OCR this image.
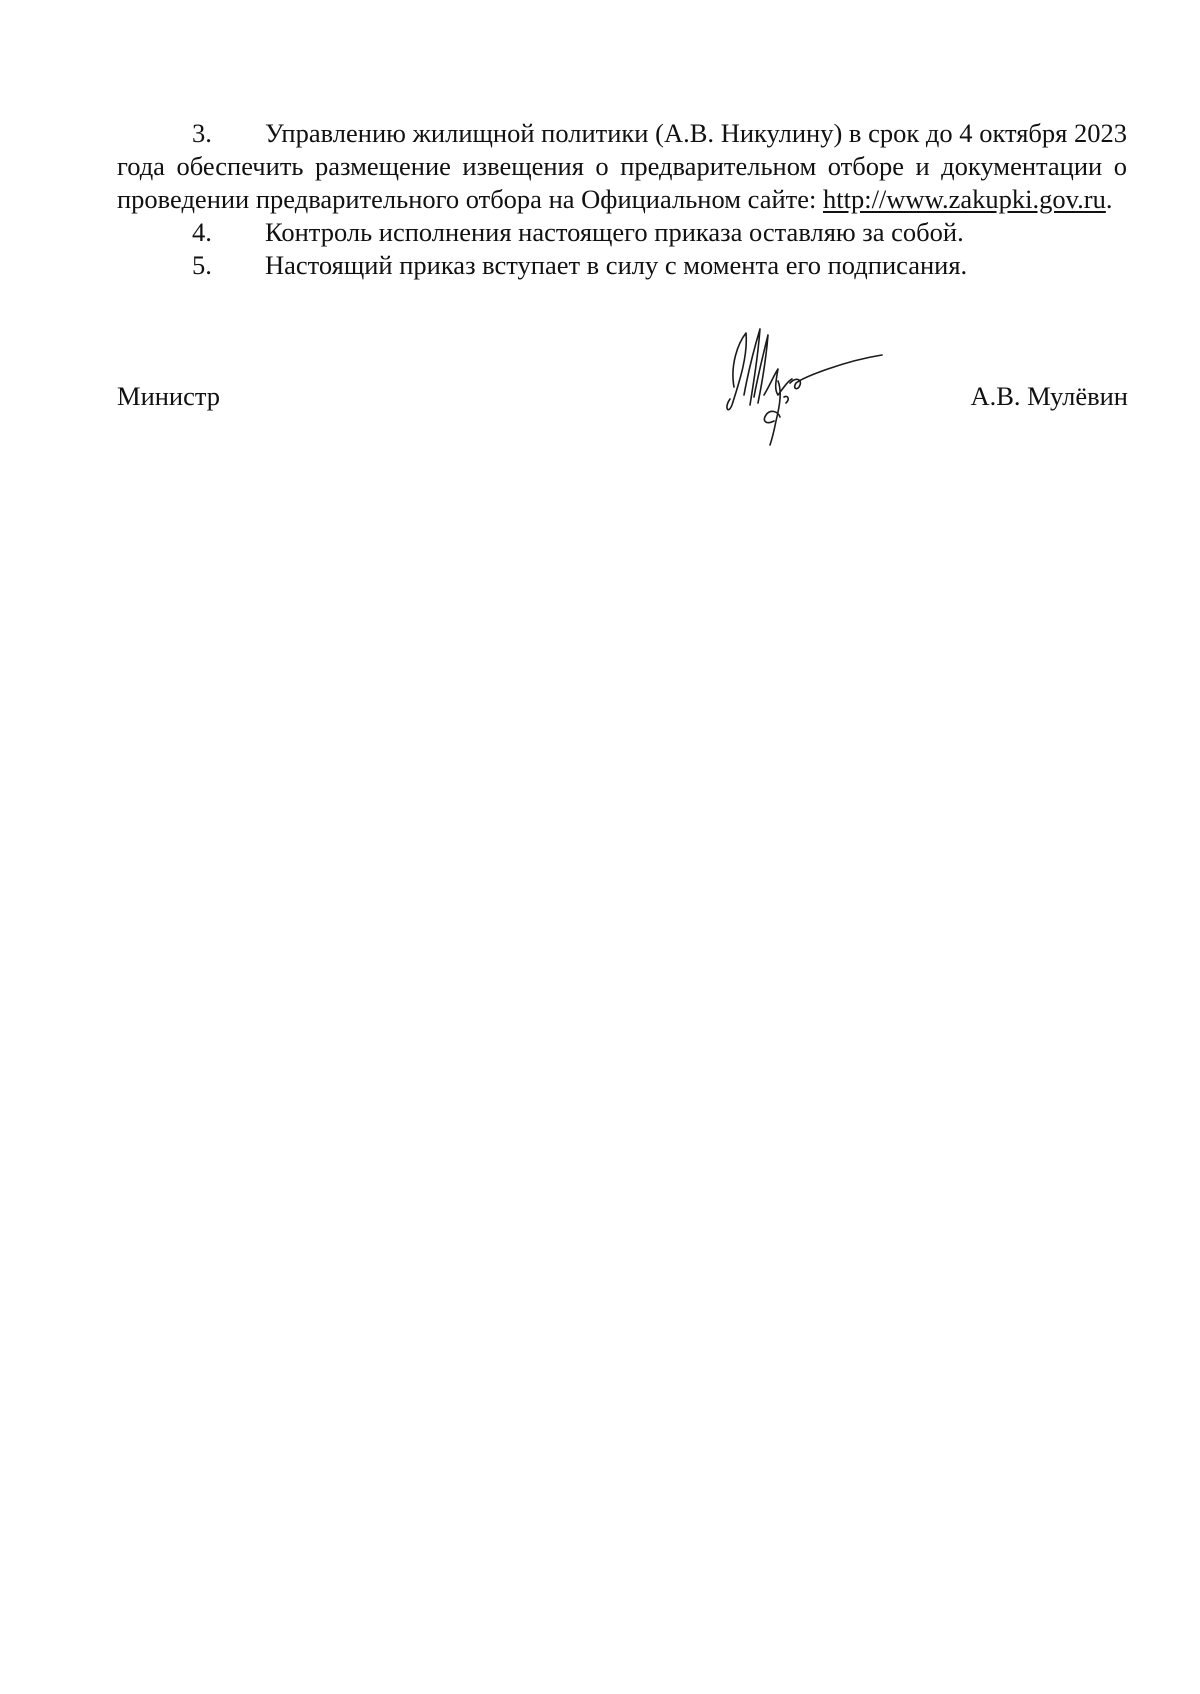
3. Управлению жилищной политики (А.В. Никулину) в срок до 4 октября 2023 года обеспечить размещение извещения о предварительном отборе и документации о проведении предварительного отбора на Официальном сайте: http://www.zakupki.gov.ru.
4. Контроль исполнения настоящего приказа оставляю за собой.
5. Настоящий приказ вступает в силу с момента его подписания.
Министр	А.В. Мулёвин
